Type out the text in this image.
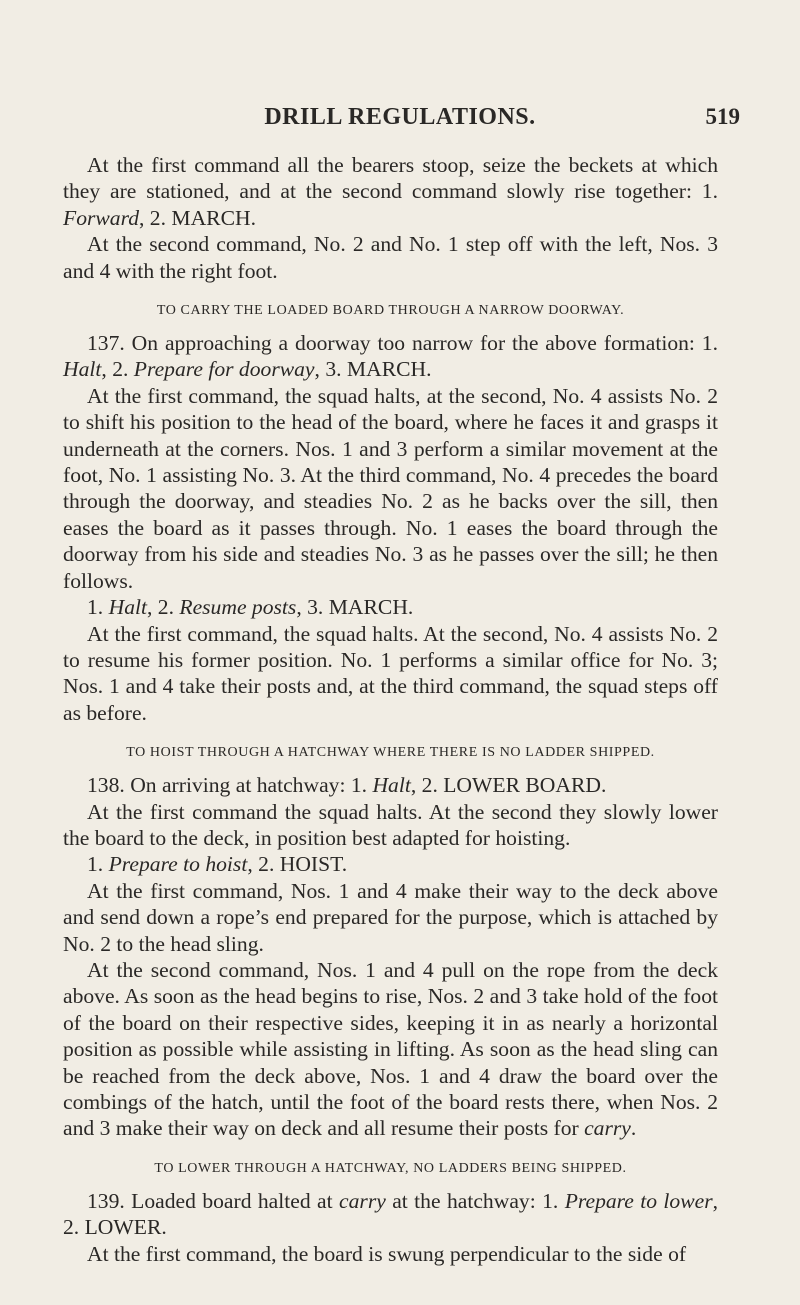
DRILL REGULATIONS.	519

At the first command all the bearers stoop, seize the beckets at which they are stationed, and at the second command slowly rise together: 1. Forward, 2. MARCH.

At the second command, No. 2 and No. 1 step off with the left, Nos. 3 and 4 with the right foot.

TO CARRY THE LOADED BOARD THROUGH A NARROW DOORWAY.

137. On approaching a doorway too narrow for the above formation: 1. Halt, 2. Prepare for doorway, 3. MARCH.

At the first command, the squad halts, at the second, No. 4 assists No. 2 to shift his position to the head of the board, where he faces it and grasps it underneath at the corners. Nos. 1 and 3 perform a similar movement at the foot, No. 1 assisting No. 3. At the third command, No. 4 precedes the board through the doorway, and steadies No. 2 as he backs over the sill, then eases the board as it passes through. No. 1 eases the board through the doorway from his side and steadies No. 3 as he passes over the sill; he then follows.

1. Halt, 2. Resume posts, 3. MARCH.

At the first command, the squad halts. At the second, No. 4 assists No. 2 to resume his former position. No. 1 performs a similar office for No. 3; Nos. 1 and 4 take their posts and, at the third command, the squad steps off as before.

TO HOIST THROUGH A HATCHWAY WHERE THERE IS NO LADDER SHIPPED.

138. On arriving at hatchway: 1. Halt, 2. LOWER BOARD.

At the first command the squad halts. At the second they slowly lower the board to the deck, in position best adapted for hoisting.

1. Prepare to hoist, 2. HOIST.

At the first command, Nos. 1 and 4 make their way to the deck above and send down a rope’s end prepared for the purpose, which is attached by No. 2 to the head sling.

At the second command, Nos. 1 and 4 pull on the rope from the deck above. As soon as the head begins to rise, Nos. 2 and 3 take hold of the foot of the board on their respective sides, keeping it in as nearly a horizontal position as possible while assisting in lifting. As soon as the head sling can be reached from the deck above, Nos. 1 and 4 draw the board over the combings of the hatch, until the foot of the board rests there, when Nos. 2 and 3 make their way on deck and all resume their posts for carry.

TO LOWER THROUGH A HATCHWAY, NO LADDERS BEING SHIPPED.

139. Loaded board halted at carry at the hatchway: 1. Prepare to lower, 2. LOWER.

At the first command, the board is swung perpendicular to the side of
